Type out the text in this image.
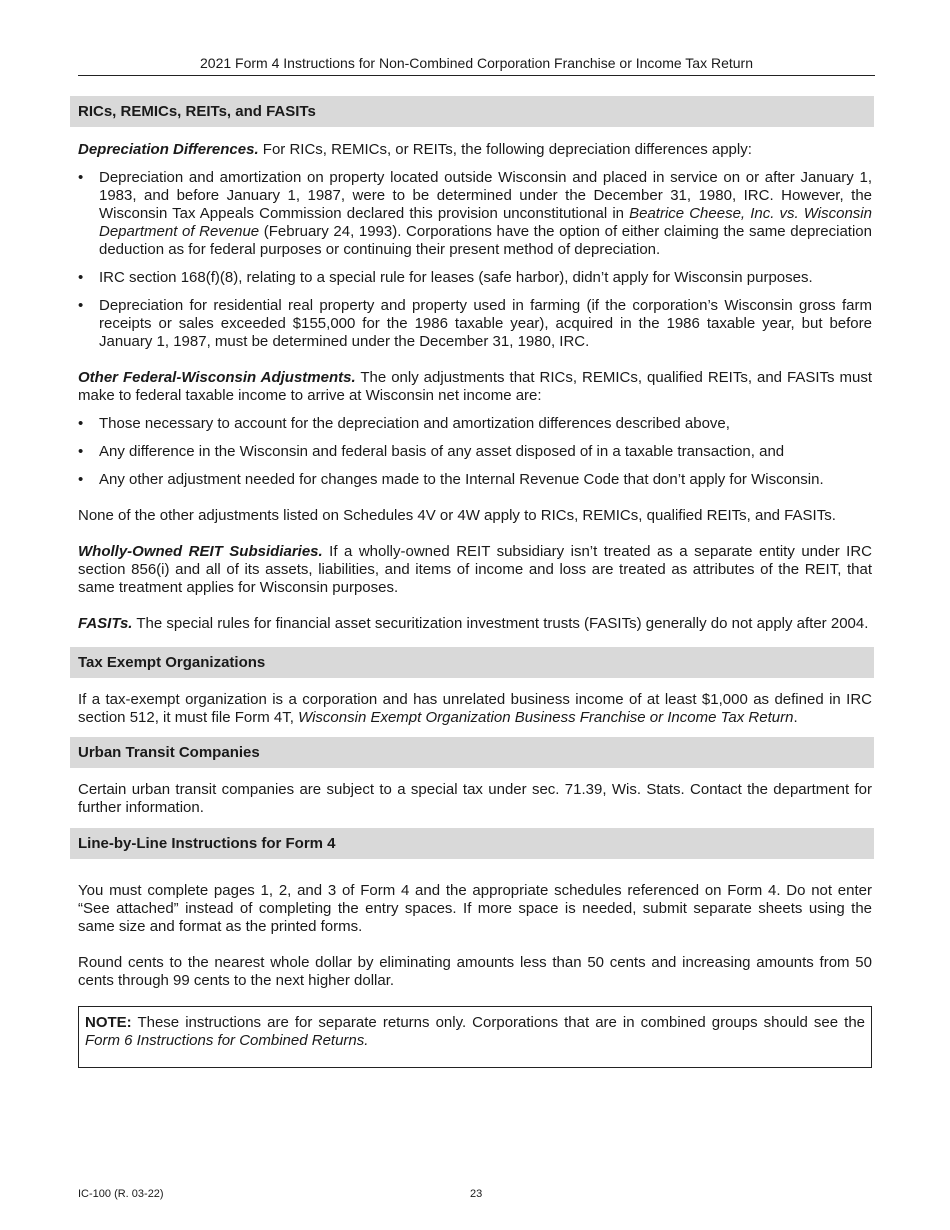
2021 Form 4 Instructions for Non-Combined Corporation Franchise or Income Tax Return
RICs, REMICs, REITs, and FASITs

Depreciation Differences. For RICs, REMICs, or REITs, the following depreciation differences apply:

• Depreciation and amortization on property located outside Wisconsin and placed in service on or after January 1, 1983, and before January 1, 1987, were to be determined under the December 31, 1980, IRC. However, the Wisconsin Tax Appeals Commission declared this provision unconstitutional in Beatrice Cheese, Inc. vs. Wisconsin Department of Revenue (February 24, 1993). Corporations have the option of either claiming the same depreciation deduction as for federal purposes or continuing their present method of depreciation.
• IRC section 168(f)(8), relating to a special rule for leases (safe harbor), didn’t apply for Wisconsin purposes.
• Depreciation for residential real property and property used in farming (if the corporation’s Wisconsin gross farm receipts or sales exceeded $155,000 for the 1986 taxable year), acquired in the 1986 taxable year, but before January 1, 1987, must be determined under the December 31, 1980, IRC.

Other Federal-Wisconsin Adjustments. The only adjustments that RICs, REMICs, qualified REITs, and FASITs must make to federal taxable income to arrive at Wisconsin net income are:

• Those necessary to account for the depreciation and amortization differences described above,
• Any difference in the Wisconsin and federal basis of any asset disposed of in a taxable transaction, and
• Any other adjustment needed for changes made to the Internal Revenue Code that don’t apply for Wisconsin.

None of the other adjustments listed on Schedules 4V or 4W apply to RICs, REMICs, qualified REITs, and FASITs.

Wholly-Owned REIT Subsidiaries. If a wholly-owned REIT subsidiary isn’t treated as a separate entity under IRC section 856(i) and all of its assets, liabilities, and items of income and loss are treated as attributes of the REIT, that same treatment applies for Wisconsin purposes.

FASITs. The special rules for financial asset securitization investment trusts (FASITs) generally do not apply after 2004.

Tax Exempt Organizations

If a tax-exempt organization is a corporation and has unrelated business income of at least $1,000 as defined in IRC section 512, it must file Form 4T, Wisconsin Exempt Organization Business Franchise or Income Tax Return.

Urban Transit Companies

Certain urban transit companies are subject to a special tax under sec. 71.39, Wis. Stats. Contact the department for further information.

Line-by-Line Instructions for Form 4

You must complete pages 1, 2, and 3 of Form 4 and the appropriate schedules referenced on Form 4. Do not enter “See attached” instead of completing the entry spaces. If more space is needed, submit separate sheets using the same size and format as the printed forms.

Round cents to the nearest whole dollar by eliminating amounts less than 50 cents and increasing amounts from 50 cents through 99 cents to the next higher dollar.

NOTE: These instructions are for separate returns only. Corporations that are in combined groups should see the Form 6 Instructions for Combined Returns.
IC-100 (R. 03-22)	23
